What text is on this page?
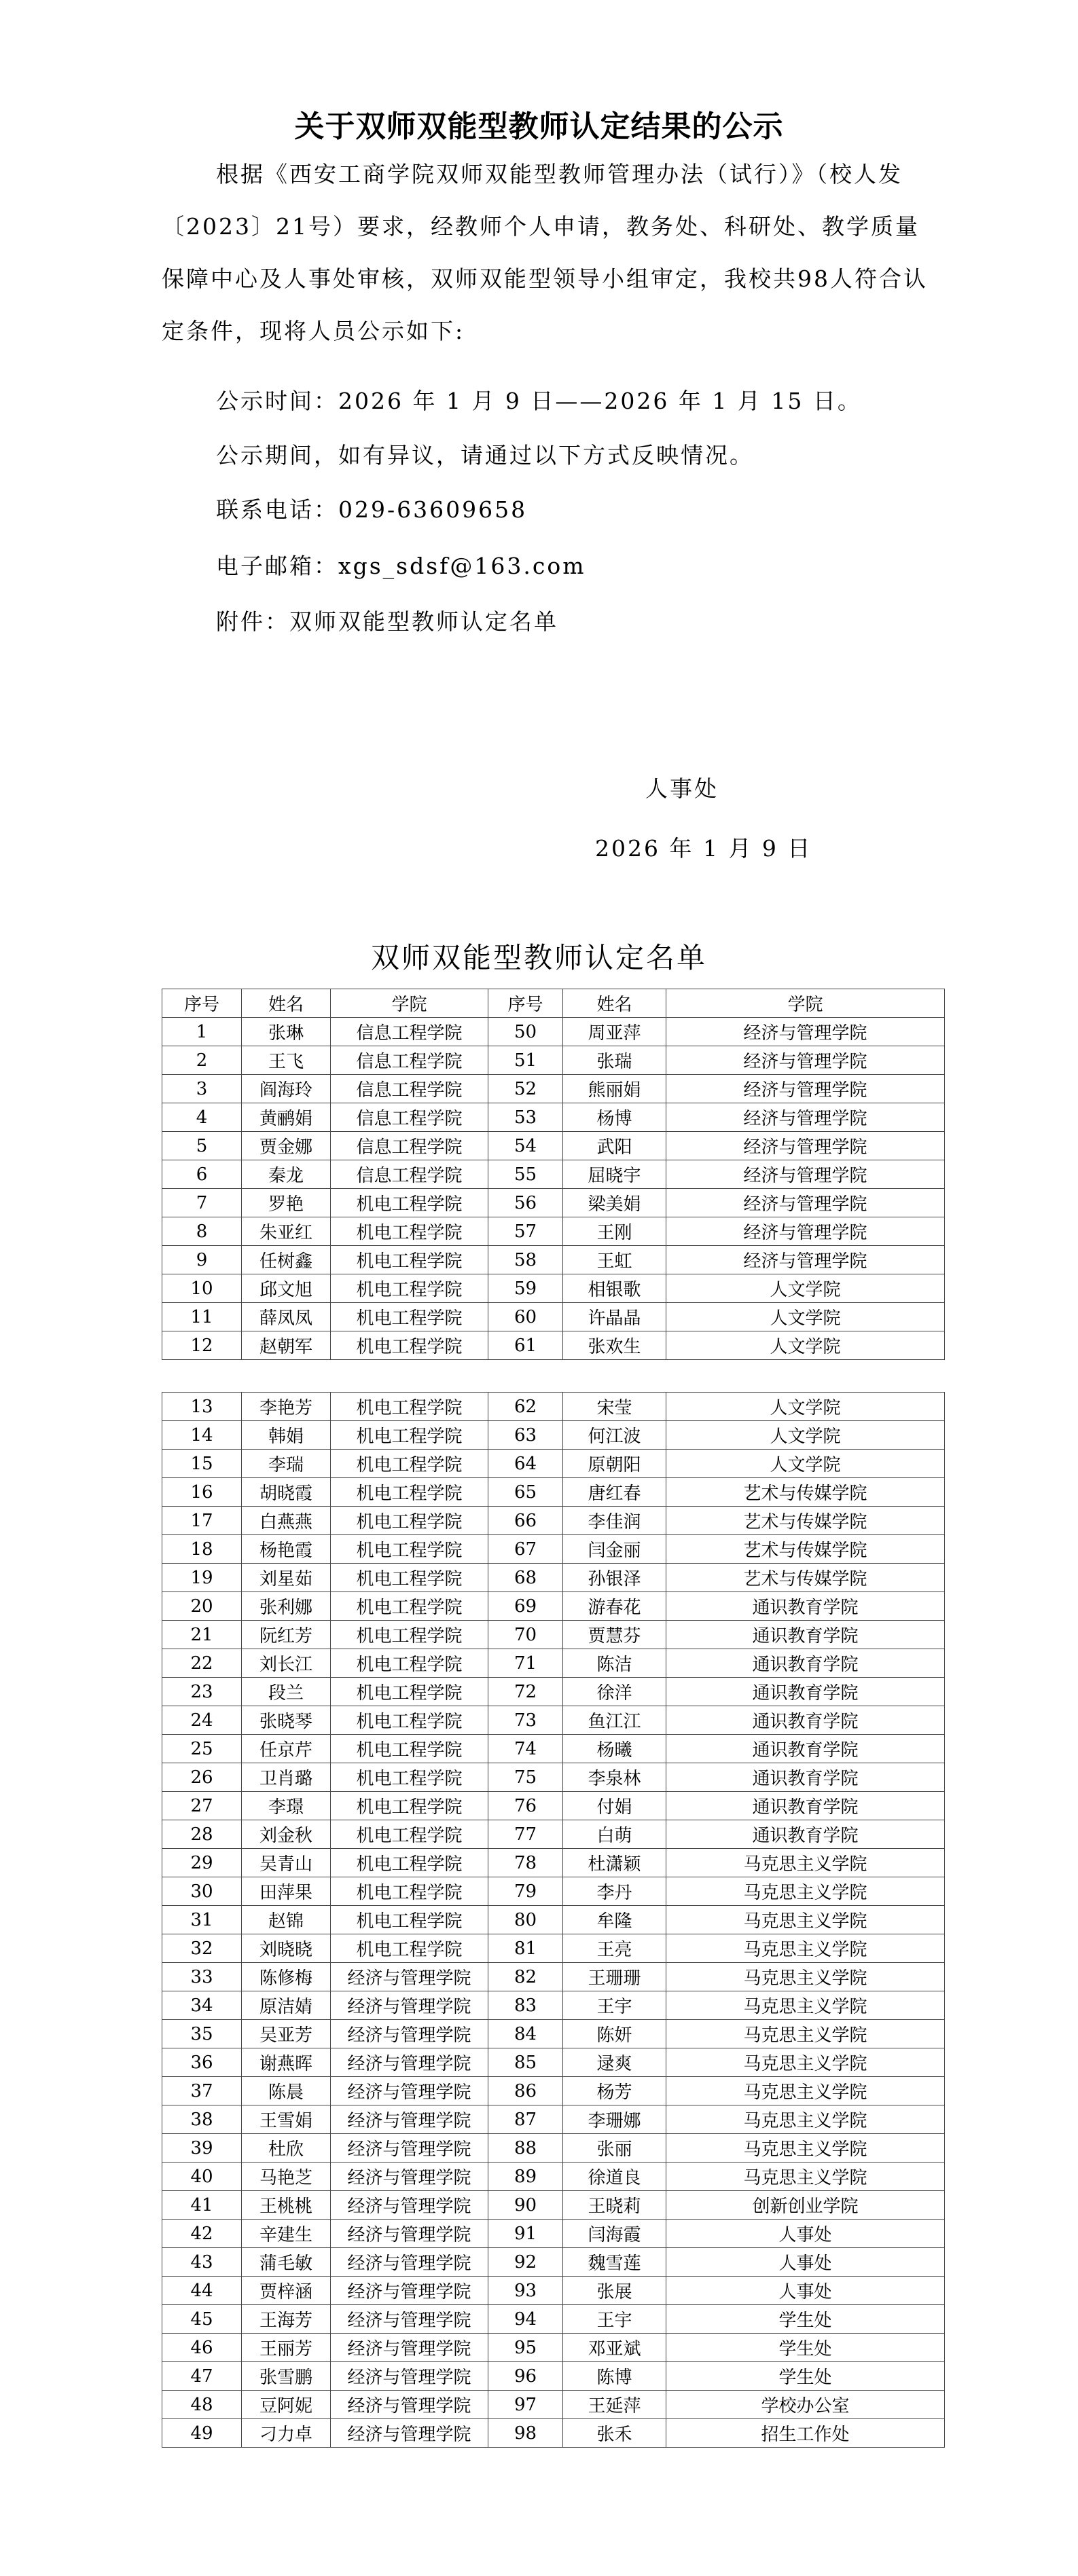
关于双师双能型教师认定结果的公示
根据《西安工商学院双师双能型教师管理办法（试行）》（校人发〔2023〕21号）要求，经教师个人申请，教务处、科研处、教学质量保障中心及人事处审核，双师双能型领导小组审定，我校共98人符合认定条件，现将人员公示如下:
公示时间：2026 年 1 月 9 日——2026 年 1 月 15 日。
公示期间，如有异议，请通过以下方式反映情况。
联系电话：029-63609658
电子邮箱：xgs_sdsf@163.com
附件：双师双能型教师认定名单
人事处
2026 年 1 月 9 日
双师双能型教师认定名单
序号	姓名	学院	序号	姓名	学院
1	张琳	信息工程学院	50	周亚萍	经济与管理学院
2	王飞	信息工程学院	51	张瑞	经济与管理学院
3	阎海玲	信息工程学院	52	熊丽娟	经济与管理学院
4	黄鹂娟	信息工程学院	53	杨博	经济与管理学院
5	贾金娜	信息工程学院	54	武阳	经济与管理学院
6	秦龙	信息工程学院	55	屈晓宇	经济与管理学院
7	罗艳	机电工程学院	56	梁美娟	经济与管理学院
8	朱亚红	机电工程学院	57	王刚	经济与管理学院
9	任树鑫	机电工程学院	58	王虹	经济与管理学院
10	邱文旭	机电工程学院	59	相银歌	人文学院
11	薛凤凤	机电工程学院	60	许晶晶	人文学院
12	赵朝军	机电工程学院	61	张欢生	人文学院
13	李艳芳	机电工程学院	62	宋莹	人文学院
14	韩娟	机电工程学院	63	何江波	人文学院
15	李瑞	机电工程学院	64	原朝阳	人文学院
16	胡晓霞	机电工程学院	65	唐红春	艺术与传媒学院
17	白燕燕	机电工程学院	66	李佳润	艺术与传媒学院
18	杨艳霞	机电工程学院	67	闫金丽	艺术与传媒学院
19	刘星茹	机电工程学院	68	孙银泽	艺术与传媒学院
20	张利娜	机电工程学院	69	游春花	通识教育学院
21	阮红芳	机电工程学院	70	贾慧芬	通识教育学院
22	刘长江	机电工程学院	71	陈洁	通识教育学院
23	段兰	机电工程学院	72	徐洋	通识教育学院
24	张晓琴	机电工程学院	73	鱼江江	通识教育学院
25	任京芹	机电工程学院	74	杨曦	通识教育学院
26	卫肖璐	机电工程学院	75	李泉林	通识教育学院
27	李璟	机电工程学院	76	付娟	通识教育学院
28	刘金秋	机电工程学院	77	白萌	通识教育学院
29	吴青山	机电工程学院	78	杜潇颖	马克思主义学院
30	田萍果	机电工程学院	79	李丹	马克思主义学院
31	赵锦	机电工程学院	80	牟隆	马克思主义学院
32	刘晓晓	机电工程学院	81	王亮	马克思主义学院
33	陈修梅	经济与管理学院	82	王珊珊	马克思主义学院
34	原洁婧	经济与管理学院	83	王宇	马克思主义学院
35	吴亚芳	经济与管理学院	84	陈妍	马克思主义学院
36	谢燕晖	经济与管理学院	85	逯爽	马克思主义学院
37	陈晨	经济与管理学院	86	杨芳	马克思主义学院
38	王雪娟	经济与管理学院	87	李珊娜	马克思主义学院
39	杜欣	经济与管理学院	88	张丽	马克思主义学院
40	马艳芝	经济与管理学院	89	徐道良	马克思主义学院
41	王桃桃	经济与管理学院	90	王晓莉	创新创业学院
42	辛建生	经济与管理学院	91	闫海霞	人事处
43	蒲毛敏	经济与管理学院	92	魏雪莲	人事处
44	贾梓涵	经济与管理学院	93	张展	人事处
45	王海芳	经济与管理学院	94	王宇	学生处
46	王丽芳	经济与管理学院	95	邓亚斌	学生处
47	张雪鹏	经济与管理学院	96	陈博	学生处
48	豆阿妮	经济与管理学院	97	王延萍	学校办公室
49	刁力卓	经济与管理学院	98	张禾	招生工作处
